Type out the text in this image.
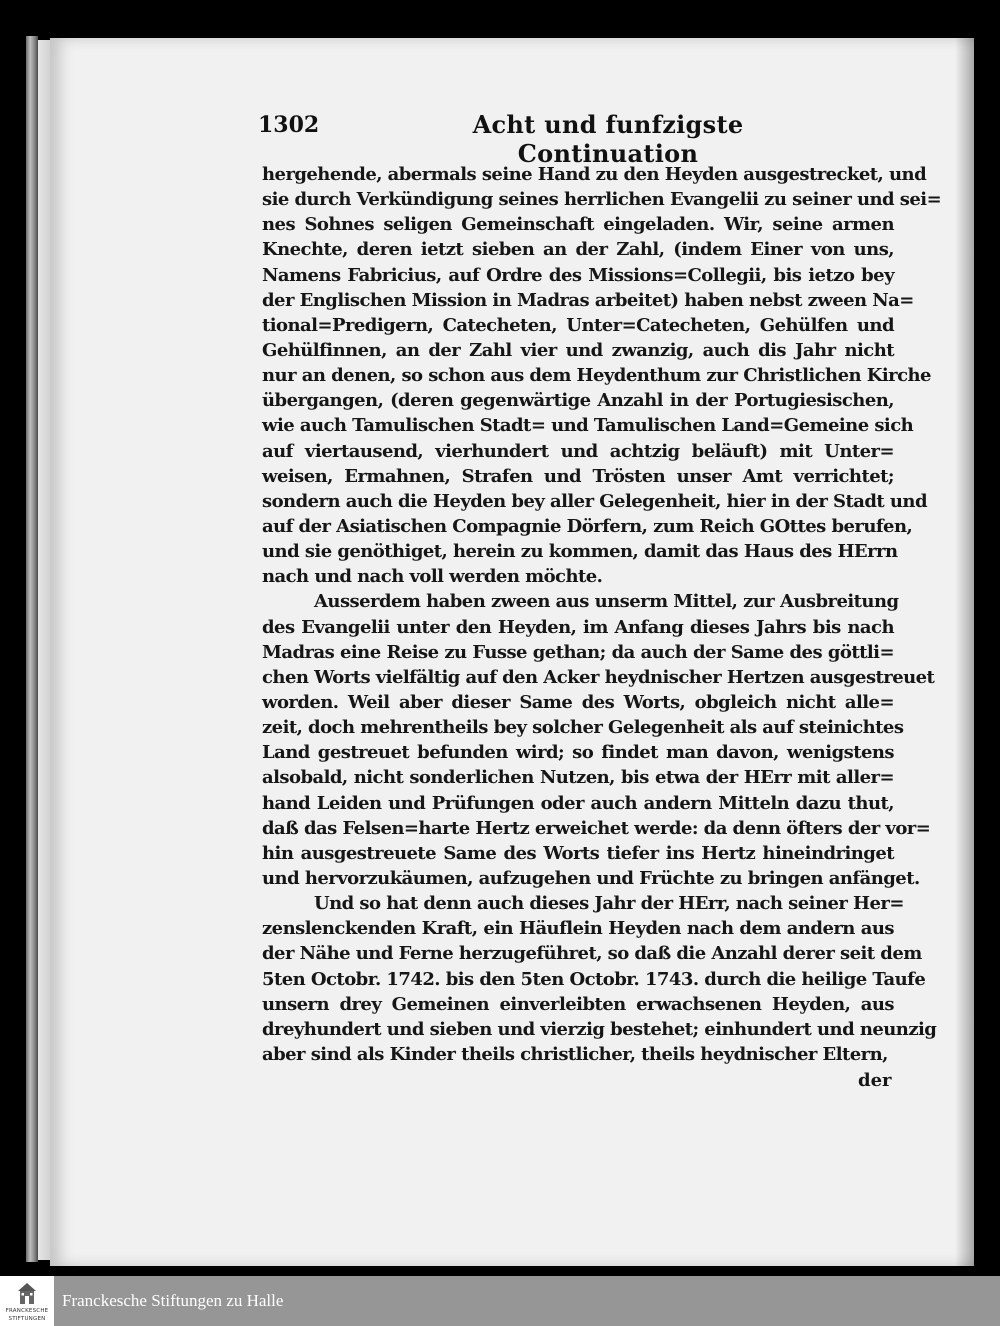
1302	Acht und funfzigste Continuation
hergehende, abermals seine Hand zu den Heyden ausgestrecket, und
sie durch Verkündigung seines herrlichen Evangelii zu seiner und sei=
nes Sohnes seligen Gemeinschaft eingeladen. Wir, seine armen
Knechte, deren ietzt sieben an der Zahl, (indem Einer von uns,
Namens Fabricius, auf Ordre des Missions=Collegii, bis ietzo bey
der Englischen Mission in Madras arbeitet) haben nebst zween Na=
tional=Predigern, Catecheten, Unter=Catecheten, Gehülfen und
Gehülfinnen, an der Zahl vier und zwanzig, auch dis Jahr nicht
nur an denen, so schon aus dem Heydenthum zur Christlichen Kirche
übergangen, (deren gegenwärtige Anzahl in der Portugiesischen,
wie auch Tamulischen Stadt= und Tamulischen Land=Gemeine sich
auf viertausend, vierhundert und achtzig beläuft) mit Unter=
weisen, Ermahnen, Strafen und Trösten unser Amt verrichtet;
sondern auch die Heyden bey aller Gelegenheit, hier in der Stadt und
auf der Asiatischen Compagnie Dörfern, zum Reich GOttes berufen,
und sie genöthiget, herein zu kommen, damit das Haus des HErrn
nach und nach voll werden möchte.
Ausserdem haben zween aus unserm Mittel, zur Ausbreitung
des Evangelii unter den Heyden, im Anfang dieses Jahrs bis nach
Madras eine Reise zu Fusse gethan; da auch der Same des göttli=
chen Worts vielfältig auf den Acker heydnischer Hertzen ausgestreuet
worden. Weil aber dieser Same des Worts, obgleich nicht alle=
zeit, doch mehrentheils bey solcher Gelegenheit als auf steinichtes
Land gestreuet befunden wird; so findet man davon, wenigstens
alsobald, nicht sonderlichen Nutzen, bis etwa der HErr mit aller=
hand Leiden und Prüfungen oder auch andern Mitteln dazu thut,
daß das Felsen=harte Hertz erweichet werde: da denn öfters der vor=
hin ausgestreuete Same des Worts tiefer ins Hertz hineindringet
und hervorzukäumen, aufzugehen und Früchte zu bringen anfänget.
Und so hat denn auch dieses Jahr der HErr, nach seiner Her=
zenslenckenden Kraft, ein Häuflein Heyden nach dem andern aus
der Nähe und Ferne herzugeführet, so daß die Anzahl derer seit dem
5ten Octobr. 1742. bis den 5ten Octobr. 1743. durch die heilige Taufe
unsern drey Gemeinen einverleibten erwachsenen Heyden, aus
dreyhundert und sieben und vierzig bestehet; einhundert und neunzig
aber sind als Kinder theils christlicher, theils heydnischer Eltern,
der
FRANCKESCHE
STIFTUNGEN
Franckesche Stiftungen zu Halle
